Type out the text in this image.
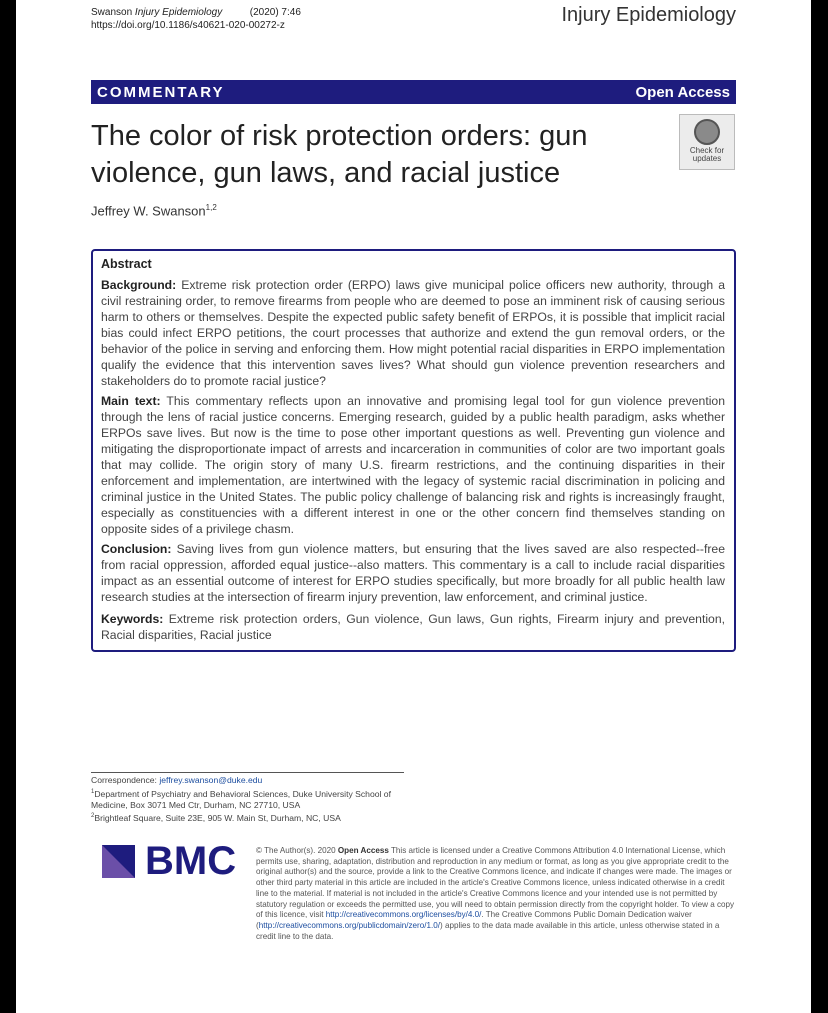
Swanson Injury Epidemiology	(2020) 7:46
https://doi.org/10.1186/s40621-020-00272-z	Injury Epidemiology
COMMENTARY	Open Access
The color of risk protection orders: gun violence, gun laws, and racial justice
Check for
updates
Jeffrey W. Swanson$^{1,2}$
Abstract

Background: Extreme risk protection order (ERPO) laws give municipal police officers new authority, through a civil restraining order, to remove firearms from people who are deemed to pose an imminent risk of causing serious harm to others or themselves. Despite the expected public safety benefit of ERPOs, it is possible that implicit racial bias could infect ERPO petitions, the court processes that authorize and extend the gun removal orders, or the behavior of the police in serving and enforcing them. How might potential racial disparities in ERPO implementation qualify the evidence that this intervention saves lives? What should gun violence prevention researchers and stakeholders do to promote racial justice?

Main text: This commentary reflects upon an innovative and promising legal tool for gun violence prevention through the lens of racial justice concerns. Emerging research, guided by a public health paradigm, asks whether ERPOs save lives. But now is the time to pose other important questions as well. Preventing gun violence and mitigating the disproportionate impact of arrests and incarceration in communities of color are two important goals that may collide. The origin story of many U.S. firearm restrictions, and the continuing disparities in their enforcement and implementation, are intertwined with the legacy of systemic racial discrimination in policing and criminal justice in the United States. The public policy challenge of balancing risk and rights is increasingly fraught, especially as constituencies with a different interest in one or the other concern find themselves standing on opposite sides of a privilege chasm.

Conclusion: Saving lives from gun violence matters, but ensuring that the lives saved are also respected--free from racial oppression, afforded equal justice--also matters. This commentary is a call to include racial disparities impact as an essential outcome of interest for ERPO studies specifically, but more broadly for all public health law research studies at the intersection of firearm injury prevention, law enforcement, and criminal justice.

Keywords: Extreme risk protection orders, Gun violence, Gun laws, Gun rights, Firearm injury and prevention, Racial disparities, Racial justice

Correspondence: jeffrey.swanson@duke.edu
$^1$Department of Psychiatry and Behavioral Sciences, Duke University School of Medicine, Box 3071 Med Ctr, Durham, NC 27710, USA
$^2$Brightleaf Square, Suite 23E, 905 W. Main St, Durham, NC, USA
BMC © The Author(s). 2020 Open Access This article is licensed under a Creative Commons Attribution 4.0 International License, which permits use, sharing, adaptation, distribution and reproduction in any medium or format, as long as you give appropriate credit to the original author(s) and the source, provide a link to the Creative Commons licence, and indicate if changes were made. The images or other third party material in this article are included in the article's Creative Commons licence, unless indicated otherwise in a credit line to the material. If material is not included in the article's Creative Commons licence and your intended use is not permitted by statutory regulation or exceeds the permitted use, you will need to obtain permission directly from the copyright holder. To view a copy of this licence, visit http://creativecommons.org/licenses/by/4.0/. The Creative Commons Public Domain Dedication waiver (http://creativecommons.org/publicdomain/zero/1.0/) applies to the data made available in this article, unless otherwise stated in a credit line to the data.
